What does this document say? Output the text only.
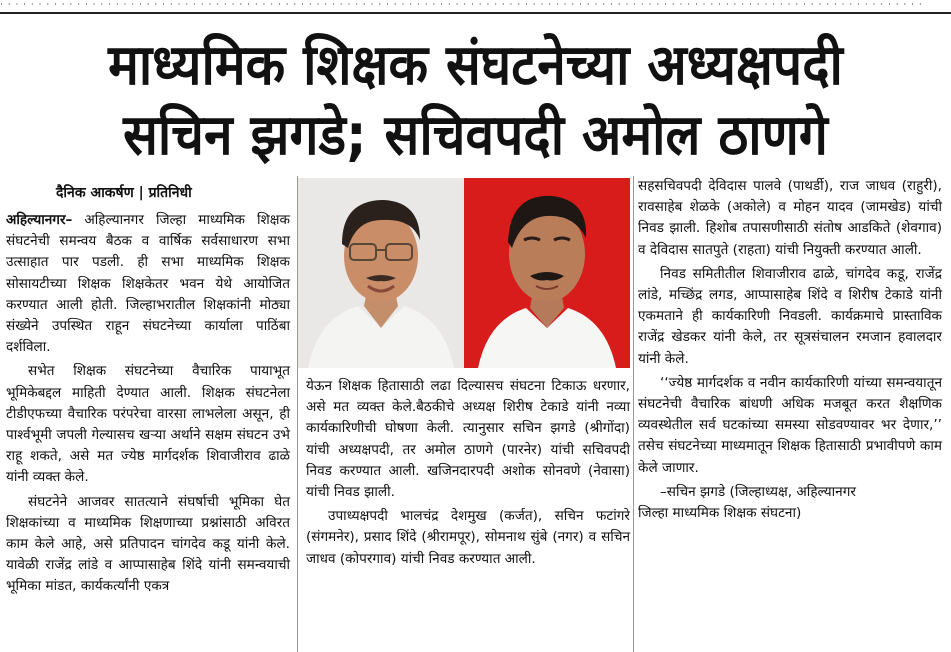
· · · · · · · · · · · · · · · · · · · · · · · · · · · · · · · · · · · · · · · · · · · · · · · · · · · · · · · · · · · · · · · · · · · · · · · · · · · · · · · · · · · · · · · · · · · · · · · · · · · · · · · · · · · · · · · · · · · · · · · ·
माध्यमिक शिक्षक संघटनेच्या अध्यक्षपदी
सचिन झगडे; सचिवपदी अमोल ठाणगे
दैनिक आकर्षण | प्रतिनिधी

अहिल्यानगर– अहिल्यानगर जिल्हा माध्यमिक शिक्षक संघटनेची समन्वय बैठक व वार्षिक सर्वसाधारण सभा उत्साहात पार पडली. ही सभा माध्यमिक शिक्षक सोसायटीच्या शिक्षक शिक्षकेतर भवन येथे आयोजित करण्यात आली होती. जिल्हाभरातील शिक्षकांनी मोठ्या संख्येने उपस्थित राहून संघटनेच्या कार्याला पाठिंबा दर्शविला.

सभेत शिक्षक संघटनेच्या वैचारिक पायाभूत भूमिकेबद्दल माहिती देण्यात आली. शिक्षक संघटनेला टीडीएफच्या वैचारिक परंपरेचा वारसा लाभलेला असून, ही पार्श्वभूमी जपली गेल्यासच खऱ्या अर्थाने सक्षम संघटन उभे राहू शकते, असे मत ज्येष्ठ मार्गदर्शक शिवाजीराव ढाळे यांनी व्यक्त केले.

संघटनेने आजवर सातत्याने संघर्षाची भूमिका घेत शिक्षकांच्या व माध्यमिक शिक्षणाच्या प्रश्नांसाठी अविरत काम केले आहे, असे प्रतिपादन चांगदेव कडू यांनी केले. यावेळी राजेंद्र लांडे व आप्पासाहेब शिंदे यांनी समन्वयाची भूमिका मांडत, कार्यकर्त्यांनी एकत्र

येऊन शिक्षक हितासाठी लढा दिल्यासच संघटना टिकाऊ धरणार, असे मत व्यक्त केले.बैठकीचे अध्यक्ष शिरीष टेकाडे यांनी नव्या कार्यकारिणीची घोषणा केली. त्यानुसार सचिन झगडे (श्रीगोंदा) यांची अध्यक्षपदी, तर अमोल ठाणगे (पारनेर) यांची सचिवपदी निवड करण्यात आली. खजिनदारपदी अशोक सोनवणे (नेवासा) यांची निवड झाली.

उपाध्यक्षपदी भालचंद्र देशमुख (कर्जत), सचिन फटांगरे (संगमनेर), प्रसाद शिंदे (श्रीरामपूर), सोमनाथ सुंबे (नगर) व सचिन जाधव (कोपरगाव) यांची निवड करण्यात आली.

सहसचिवपदी देविदास पालवे (पाथर्डी), राज जाधव (राहुरी), रावसाहेब शेळके (अकोले) व मोहन यादव (जामखेड) यांची निवड झाली. हिशोब तपासणीसाठी संतोष आडकिते (शेवगाव) व देविदास सातपुते (राहता) यांची नियुक्ती करण्यात आली.

निवड समितीतील शिवाजीराव ढाळे, चांगदेव कडू, राजेंद्र लांडे, मच्छिंद्र लगड, आप्पासाहेब शिंदे व शिरीष टेकाडे यांनी एकमताने ही कार्यकारिणी निवडली. कार्यक्रमाचे प्रास्ताविक राजेंद्र खेडकर यांनी केले, तर सूत्रसंचालन रमजान हवालदार यांनी केले.

‘‘ज्येष्ठ मार्गदर्शक व नवीन कार्यकारिणी यांच्या समन्वयातून संघटनेची वैचारिक बांधणी अधिक मजबूत करत शैक्षणिक व्यवस्थेतील सर्व घटकांच्या समस्या सोडवण्यावर भर देणार,’’ तसेच संघटनेच्या माध्यमातून शिक्षक हितासाठी प्रभावीपणे काम केले जाणार.

–सचिन झगडे (जिल्हाध्यक्ष, अहिल्यानगर

जिल्हा माध्यमिक शिक्षक संघटना)
